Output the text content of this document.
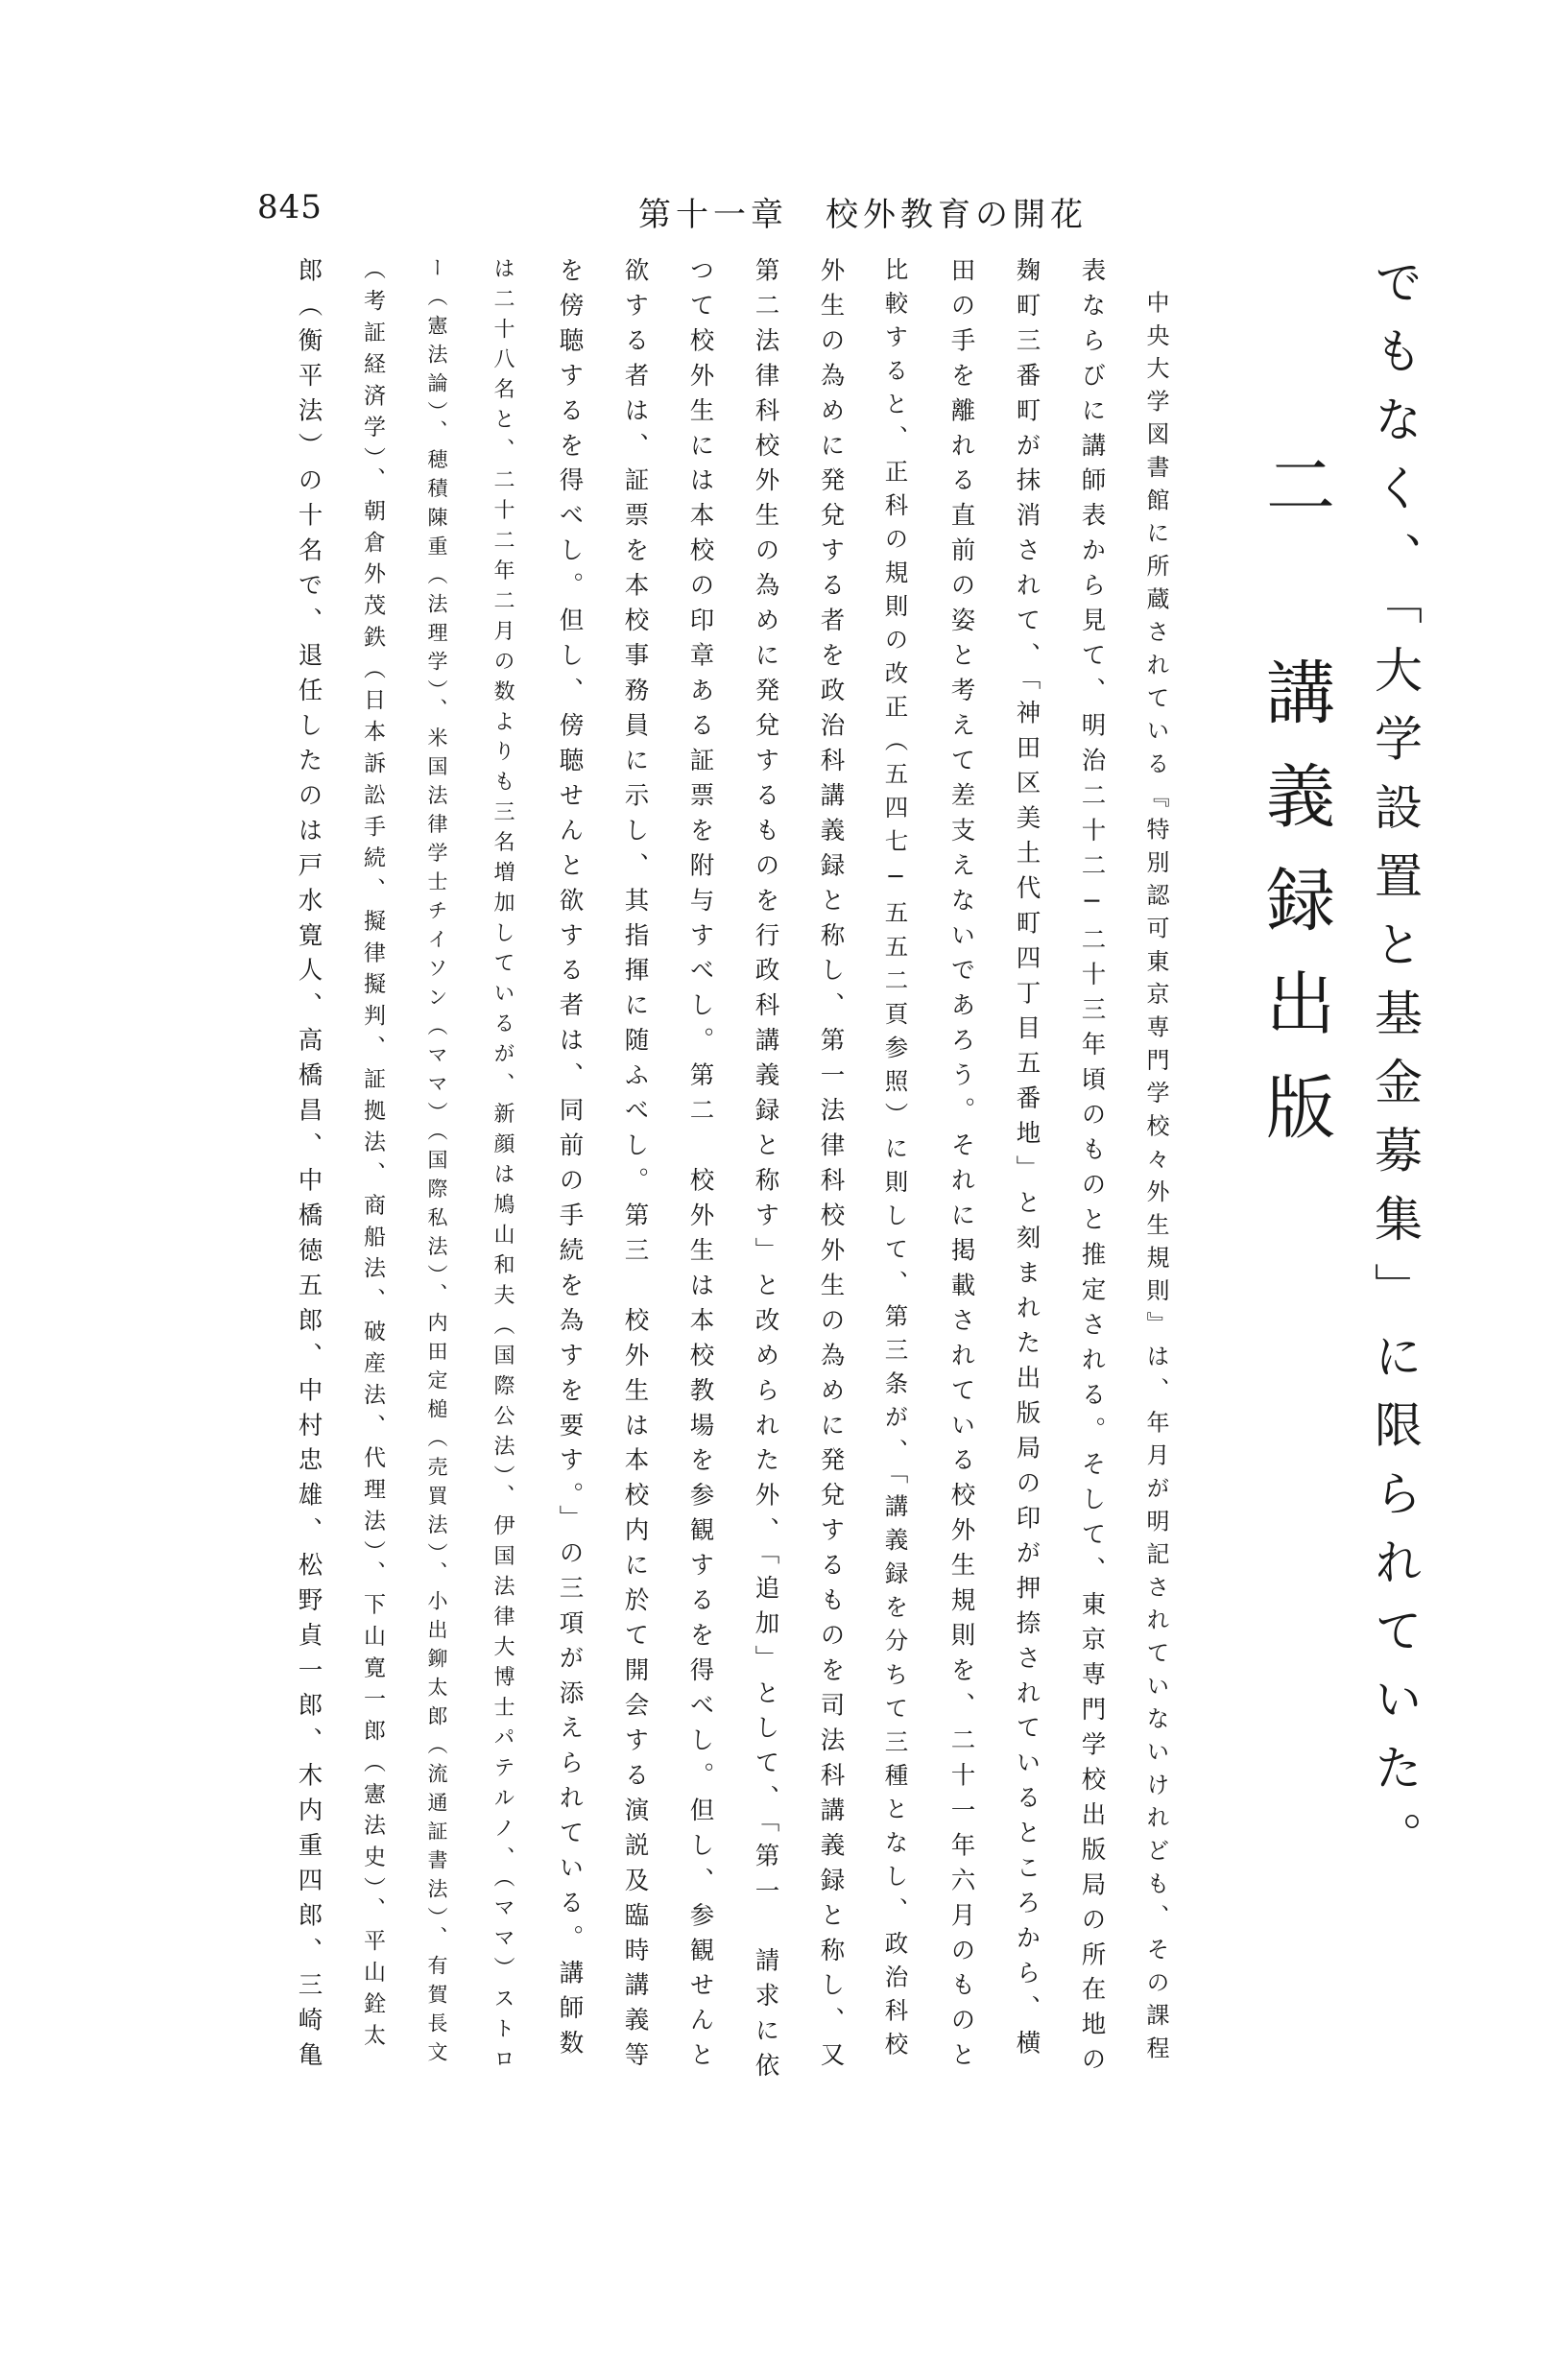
845	第十一章　校外教育の開花
でもなく、「大学設置と基金募集」に限られていた。
二　講義録出版
　中央大学図書館に所蔵されている『特別認可東京専門学校々外生規則』は、年月が明記されていないけれども、その課程
表ならびに講師表から見て、明治二十二─二十三年頃のものと推定される。そして、東京専門学校出版局の所在地の
麹町三番町が抹消されて、「神田区美土代町四丁目五番地」と刻まれた出版局の印が押捺されているところから、横
田の手を離れる直前の姿と考えて差支えないであろう。それに掲載されている校外生規則を、二十一年六月のものと
比較すると、正科の規則の改正（五四七─五五二頁参照）に則して、第三条が、「講義録を分ちて三種となし、政治科校
外生の為めに発兌する者を政治科講義録と称し、第一法律科校外生の為めに発兌するものを司法科講義録と称し、又
第二法律科校外生の為めに発兌するものを行政科講義録と称す」と改められた外、「追加」として、「第一　請求に依
つて校外生には本校の印章ある証票を附与すべし。第二　校外生は本校教場を参観するを得べし。但し、参観せんと
欲する者は、証票を本校事務員に示し、其指揮に随ふべし。第三　校外生は本校内に於て開会する演説及臨時講義等
を傍聴するを得べし。但し、傍聴せんと欲する者は、同前の手続を為すを要す。」の三項が添えられている。講師数
は二十八名と、二十二年二月の数よりも三名増加しているが、新顔は鳩山和夫（国際公法）、伊国法律大博士パテルノ、（ママ）ストロ
ー（憲法論）、穂積陳重（法理学）、米国法律学士チイソン（ママ）（国際私法）、内田定槌（売買法）、小出鉚太郎（流通証書法）、有賀長文
（考証経済学）、朝倉外茂鉄（日本訴訟手続、擬律擬判、証拠法、商船法、破産法、代理法）、下山寛一郎（憲法史）、平山銓太
郎（衡平法）の十名で、退任したのは戸水寛人、高橋昌、中橋徳五郎、中村忠雄、松野貞一郎、木内重四郎、三崎亀
